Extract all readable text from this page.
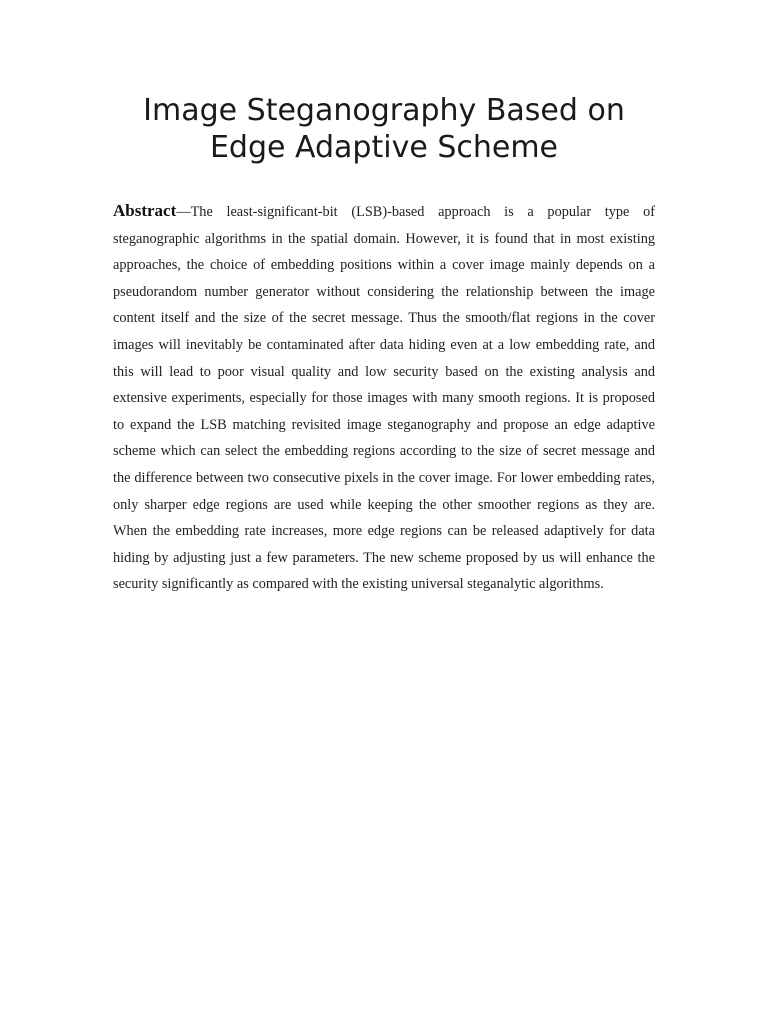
Image Steganography Based on
Edge Adaptive Scheme

Abstract—The least-significant-bit (LSB)-based approach is a popular type of steganographic algorithms in the spatial domain. However, it is found that in most existing approaches, the choice of embedding positions within a cover image mainly depends on a pseudorandom number generator without considering the relationship between the image content itself and the size of the secret message. Thus the smooth/flat regions in the cover images will inevitably be contaminated after data hiding even at a low embedding rate, and this will lead to poor visual quality and low security based on the existing analysis and extensive experiments, especially for those images with many smooth regions. It is proposed to expand the LSB matching revisited image steganography and propose an edge adaptive scheme which can select the embedding regions according to the size of secret message and the difference between two consecutive pixels in the cover image. For lower embedding rates, only sharper edge regions are used while keeping the other smoother regions as they are. When the embedding rate increases, more edge regions can be released adaptively for data hiding by adjusting just a few parameters. The new scheme proposed by us will enhance the security significantly as compared with the existing universal steganalytic algorithms.
